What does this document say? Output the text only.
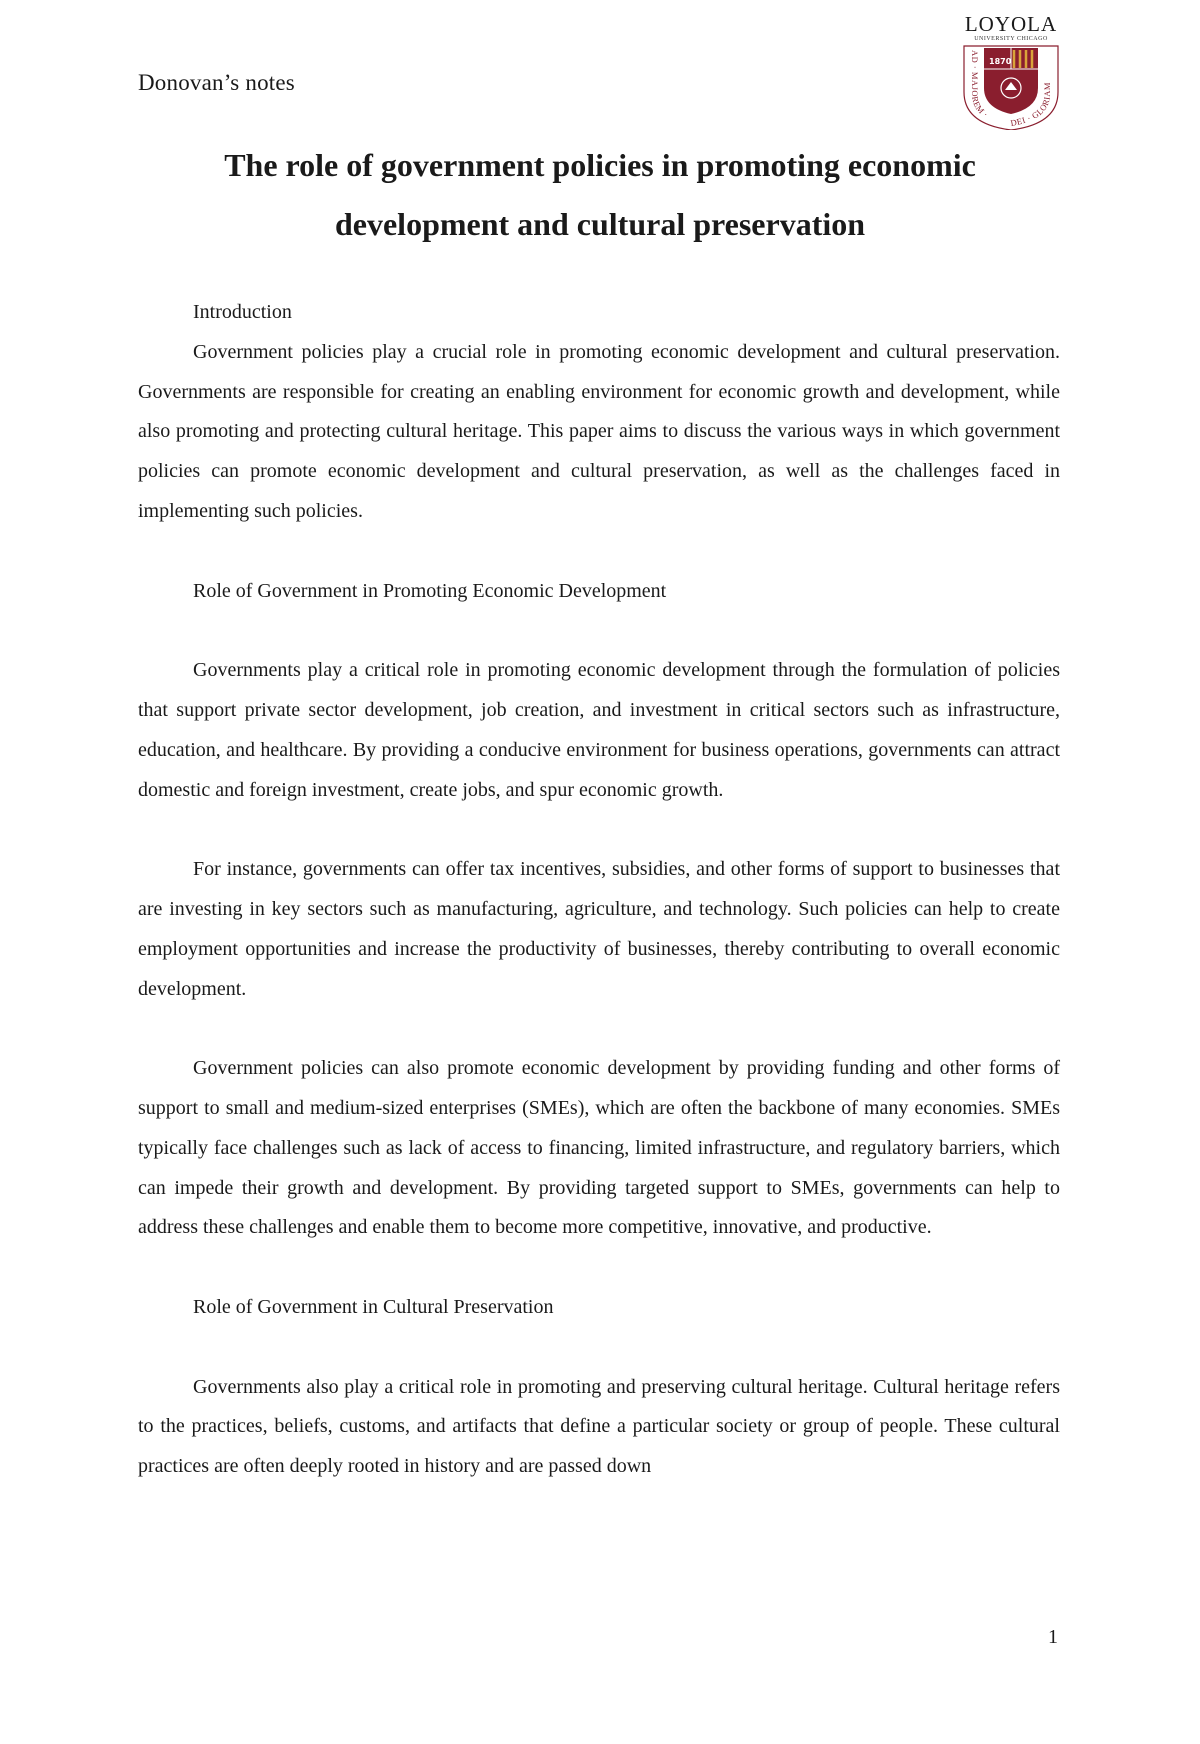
Donovan’s notes
LOYOLA
UNIVERSITY CHICAGO
1870
AD · MAJOREM ·
DEI · GLORIAM
The role of government policies in promoting economic development and cultural preservation

Introduction

Government policies play a crucial role in promoting economic development and cultural preservation. Governments are responsible for creating an enabling environment for economic growth and development, while also promoting and protecting cultural heritage. This paper aims to discuss the various ways in which government policies can promote economic development and cultural preservation, as well as the challenges faced in implementing such policies.

Role of Government in Promoting Economic Development

Governments play a critical role in promoting economic development through the formulation of policies that support private sector development, job creation, and investment in critical sectors such as infrastructure, education, and healthcare. By providing a conducive environment for business operations, governments can attract domestic and foreign investment, create jobs, and spur economic growth.

For instance, governments can offer tax incentives, subsidies, and other forms of support to businesses that are investing in key sectors such as manufacturing, agriculture, and technology. Such policies can help to create employment opportunities and increase the productivity of businesses, thereby contributing to overall economic development.

Government policies can also promote economic development by providing funding and other forms of support to small and medium-sized enterprises (SMEs), which are often the backbone of many economies. SMEs typically face challenges such as lack of access to financing, limited infrastructure, and regulatory barriers, which can impede their growth and development. By providing targeted support to SMEs, governments can help to address these challenges and enable them to become more competitive, innovative, and productive.

Role of Government in Cultural Preservation

Governments also play a critical role in promoting and preserving cultural heritage. Cultural heritage refers to the practices, beliefs, customs, and artifacts that define a particular society or group of people. These cultural practices are often deeply rooted in history and are passed down

1
